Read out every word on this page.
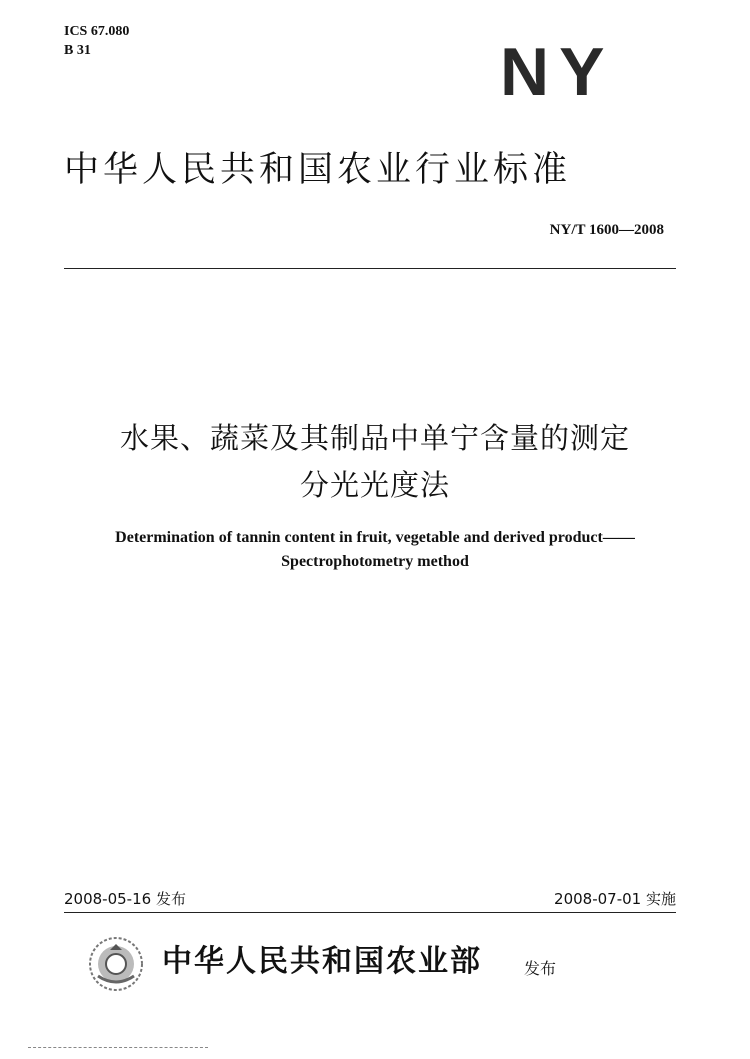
ICS 67.080
B 31	NY
中华人民共和国农业行业标准
NY/T 1600—2008
水果、蔬菜及其制品中单宁含量的测定
分光光度法
Determination of tannin content in fruit, vegetable and derived product——
Spectrophotometry method
2008-05-16 发布	2008-07-01 实施
中华人民共和国农业部	发布
